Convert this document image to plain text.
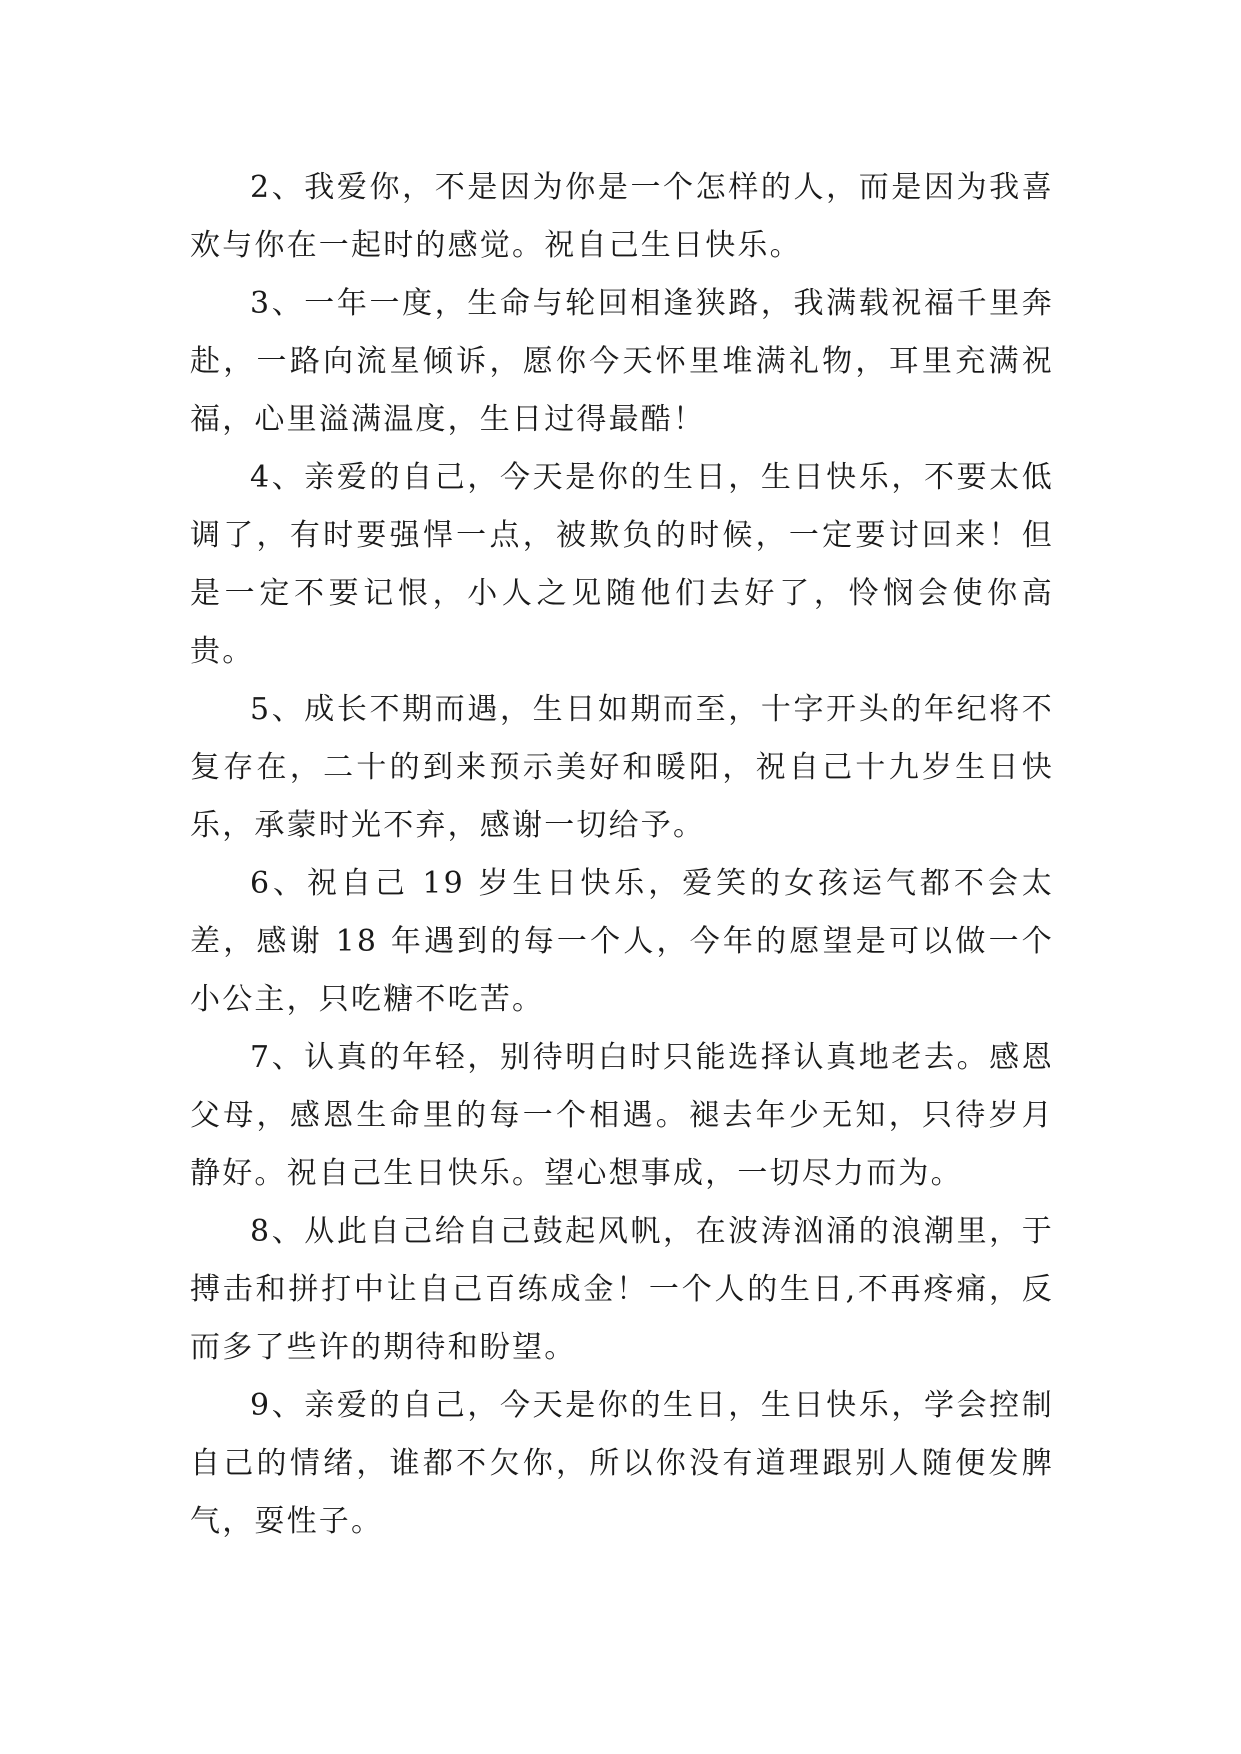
2、我爱你，不是因为你是一个怎样的人，而是因为我喜欢与你在一起时的感觉。祝自己生日快乐。

3、一年一度，生命与轮回相逢狭路，我满载祝福千里奔赴，一路向流星倾诉，愿你今天怀里堆满礼物，耳里充满祝福，心里溢满温度，生日过得最酷！

4、亲爱的自己，今天是你的生日，生日快乐，不要太低调了，有时要强悍一点，被欺负的时候，一定要讨回来！但是一定不要记恨，小人之见随他们去好了，怜悯会使你高贵。

5、成长不期而遇，生日如期而至，十字开头的年纪将不复存在，二十的到来预示美好和暖阳，祝自己十九岁生日快乐，承蒙时光不弃，感谢一切给予。

6、祝自己 19 岁生日快乐，爱笑的女孩运气都不会太差，感谢 18 年遇到的每一个人，今年的愿望是可以做一个小公主，只吃糖不吃苦。

7、认真的年轻，别待明白时只能选择认真地老去。感恩父母，感恩生命里的每一个相遇。褪去年少无知，只待岁月静好。祝自己生日快乐。望心想事成，一切尽力而为。

8、从此自己给自己鼓起风帆，在波涛汹涌的浪潮里，于搏击和拼打中让自己百练成金！一个人的生日,不再疼痛，反而多了些许的期待和盼望。

9、亲爱的自己，今天是你的生日，生日快乐，学会控制自己的情绪，谁都不欠你，所以你没有道理跟别人随便发脾气，耍性子。
